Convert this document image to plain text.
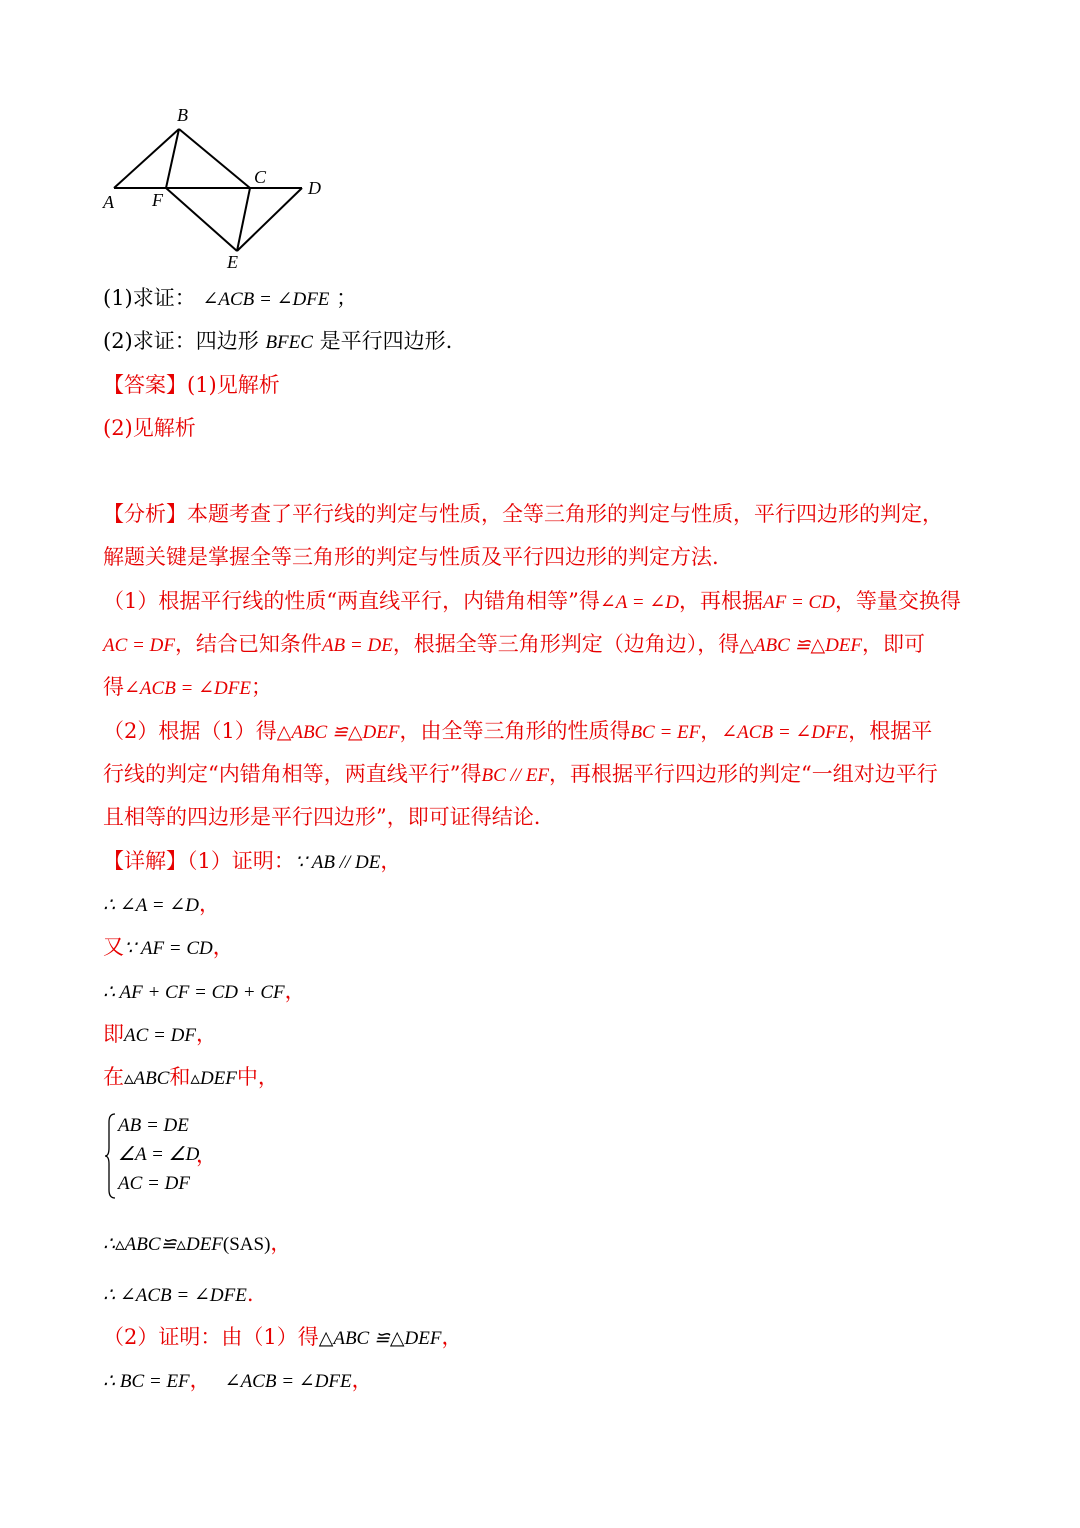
B
C
D
A F
E
(1)求证： ∠ACB = ∠DFE ；
(2)求证：四边形 BFEC 是平行四边形.
【答案】(1)见解析
(2)见解析
【分析】本题考查了平行线的判定与性质，全等三角形的判定与性质，平行四边形的判定，
解题关键是掌握全等三角形的判定与性质及平行四边形的判定方法.
（1）根据平行线的性质“两直线平行，内错角相等”得∠A = ∠D，再根据AF = CD，等量交换得
AC = DF，结合已知条件AB = DE，根据全等三角形判定（边角边），得△ABC ≌△DEF，即可
得∠ACB = ∠DFE；
（2）根据（1）得△ABC ≌△DEF，由全等三角形的性质得BC = EF，∠ACB = ∠DFE，根据平
行线的判定“内错角相等，两直线平行”得BC // EF，再根据平行四边形的判定“一组对边平行
且相等的四边形是平行四边形”，即可证得结论.
【详解】（1）证明：∵ AB // DE，
∴ ∠A = ∠D，
又∵ AF = CD，
∴ AF + CF = CD + CF，
即AC = DF，
在▵ABC和▵DEF中，
AB = DE
∠A = ∠D
AC = DF
，
∴▵ABC≌▵DEF(SAS)，
∴ ∠ACB = ∠DFE.
（2）证明：由（1）得△ABC ≌△DEF，
∴ BC = EF， ∠ACB = ∠DFE，
